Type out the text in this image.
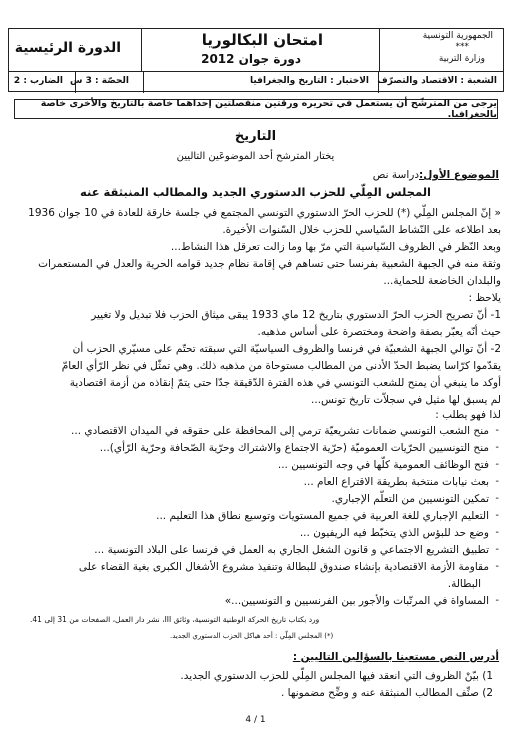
الجمهورية التونسية
***
وزارة التربية
امتحان البكالوريا
دورة جوان 2012
الدورة الرئيسية
الشعبة : الاقتصاد والتصرّف
الاختبار : التاريخ والجغرافيا
الحصّة : 3 س
الضارب : 2
يرجى من المترشّح أن يستعمل في تحريره ورقتين منفصلتين إحداهما خاصة بالتاريخ والأخرى خاصة بالجغرافيا.
التاريخ
يختار المترشح أحد الموضوعَين التاليين
الموضوع الأول:
دراسة نص
المجلس المِلّي للحزب الدستوري الجديد والمطالب المنبثقة عنه
« إنّ المجلس المِلّي (*) للحزب الحرّ الدستوري التونسي المجتمع في جلسة خارقة للعادة في 10 جوان 1936
بعد اطلاعه على النّشاط السّياسي للحزب خلال السّنوات الأخيرة.
وبعد النّظر في الظروف السّياسية التي مرّ بها وما زالت تعرقل هذا النشاط...
وثقة منه في الجبهة الشعبية بفرنسا حتى تساهم في إقامة نظام جديد قوامه الحرية والعدل في المستعمرات
والبلدان الخاضعة للحماية...
يلاحظ :
1- أنّ تصريح الحزب الحرّ الدستوري بتاريخ 12 ماي 1933 يبقى ميثاق الحزب فلا تبديل ولا تغيير
حيث أنّه يعبّر بصفة واضحة ومختصرة على أساس مذهبه.
2- أنّ توالي الجبهة الشعبيّة في فرنسا والظروف السياسيّة التي سبقته تحتّم على مسيّري الحزب أن
يقدّموا كرّاسا يضبط الحدّ الأدنى من المطالب مستوحاة من مذهبه ذلك. وهي تمثّل في نظر الرّأي العامّ
أوكد ما ينبغي أن يمنح للشعب التونسي في هذه الفترة الدّقيقة جدّا حتى يتمّ إنقاذه من أزمة اقتصادية
لم يسبق لها مثيل في سجلاّت تاريخ تونس...
لذا فهو يطلب :
منح الشعب التونسي ضمانات تشريعيّة ترمي إلى المحافظة على حقوقه في الميدان الاقتصادي ...
منح التونسيين الحرّيات العموميّة (حرّية الاجتماع والاشتراك وحرّية الصّحافة وحرّية الرّأي)...
فتح الوظائف العمومية كلّها في وجه التونسيين ...
بعث نيابات منتخبة بطريقة الاقتراع العام ...
تمكين التونسيين من التعلّم الإجباري.
التعليم الإجباري للغة العربية في جميع المستويات وتوسيع نطاق هذا التعليم ...
وضع حد للبؤس الذي يتخبّط فيه الريفيون ...
تطبيق التشريع الاجتماعي و قانون الشغل الجاري به العمل في فرنسا على البلاد التونسية ...
مقاومة الأزمة الاقتصادية بإنشاء صندوق للبطالة وتنفيذ مشروع الأشغال الكبرى بغية القضاء على
البطالة.
المساواة في المرتّبات والأجور بين الفرنسيين و التونسيين...»
-
-
-
-
-
-
-
-
-
-
ورد بكتاب تاريخ الحركة الوطنية التونسية، وثائق III، نشر دار العمل، الصفحات من 31 إلى 41.
(*) المجلس المِلّي : أحد هياكل الحزب الدستوري الجديد.
أدرس النص مستعينا بالسؤالين التاليين :
1) بيّنْ الظروف التي انعقد فيها المجلس المِلّي للحزب الدستوري الجديد.
2) صنِّف المطالب المنبثقة عنه و وضِّح مضمونها .
4 / 1
